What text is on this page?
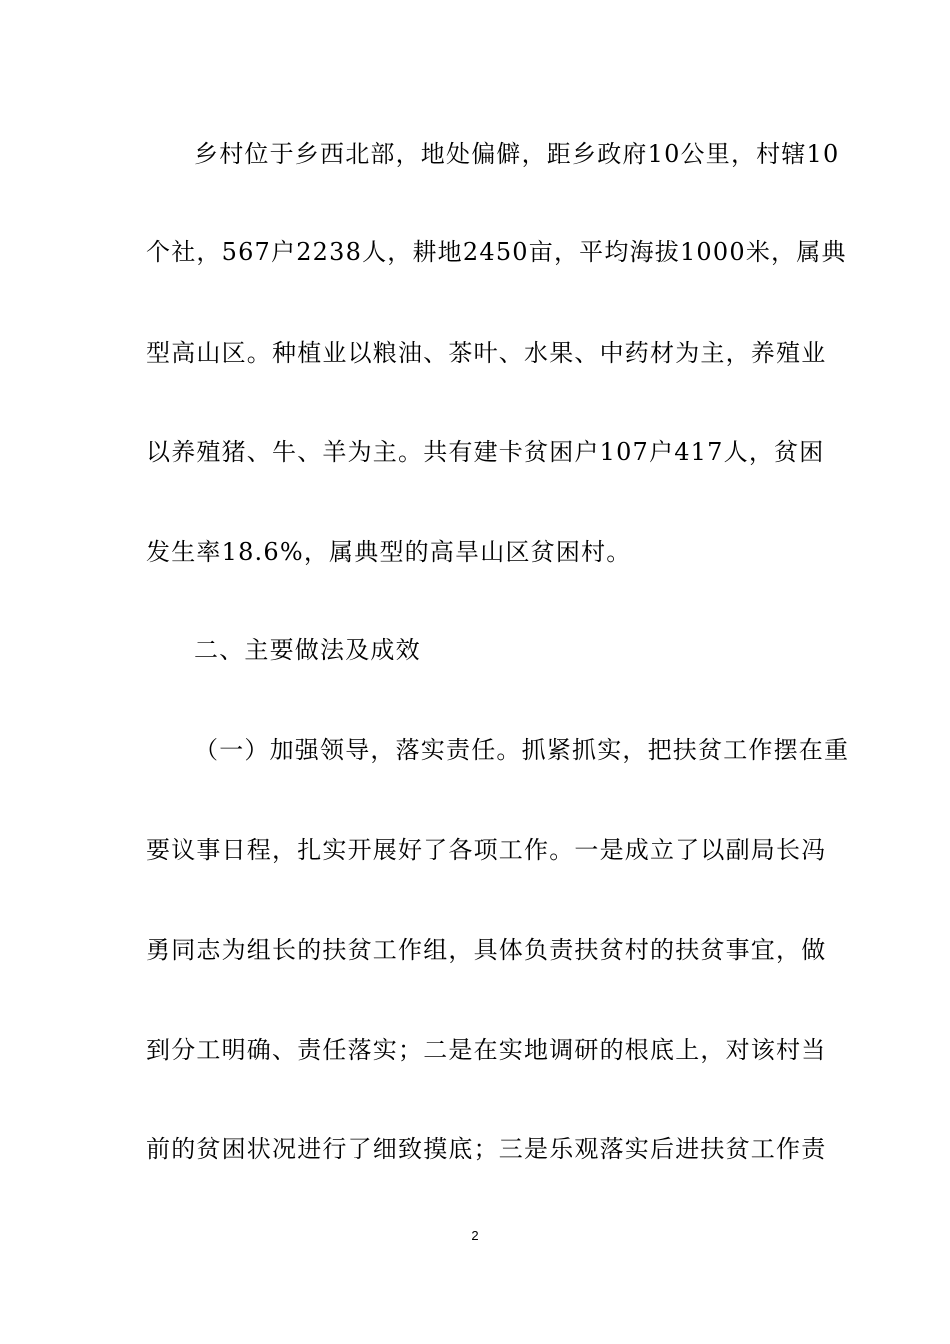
乡村位于乡西北部，地处偏僻，距乡政府10公里，村辖10
个社，567户2238人，耕地2450亩，平均海拔1000米，属典
型高山区。种植业以粮油、茶叶、水果、中药材为主，养殖业
以养殖猪、牛、羊为主。共有建卡贫困户107户417人，贫困
发生率18.6%，属典型的高旱山区贫困村。
二、主要做法及成效
（一）加强领导，落实责任。抓紧抓实，把扶贫工作摆在重
要议事日程，扎实开展好了各项工作。一是成立了以副局长冯
勇同志为组长的扶贫工作组，具体负责扶贫村的扶贫事宜，做
到分工明确、责任落实；二是在实地调研的根底上，对该村当
前的贫困状况进行了细致摸底；三是乐观落实后进扶贫工作责
2
